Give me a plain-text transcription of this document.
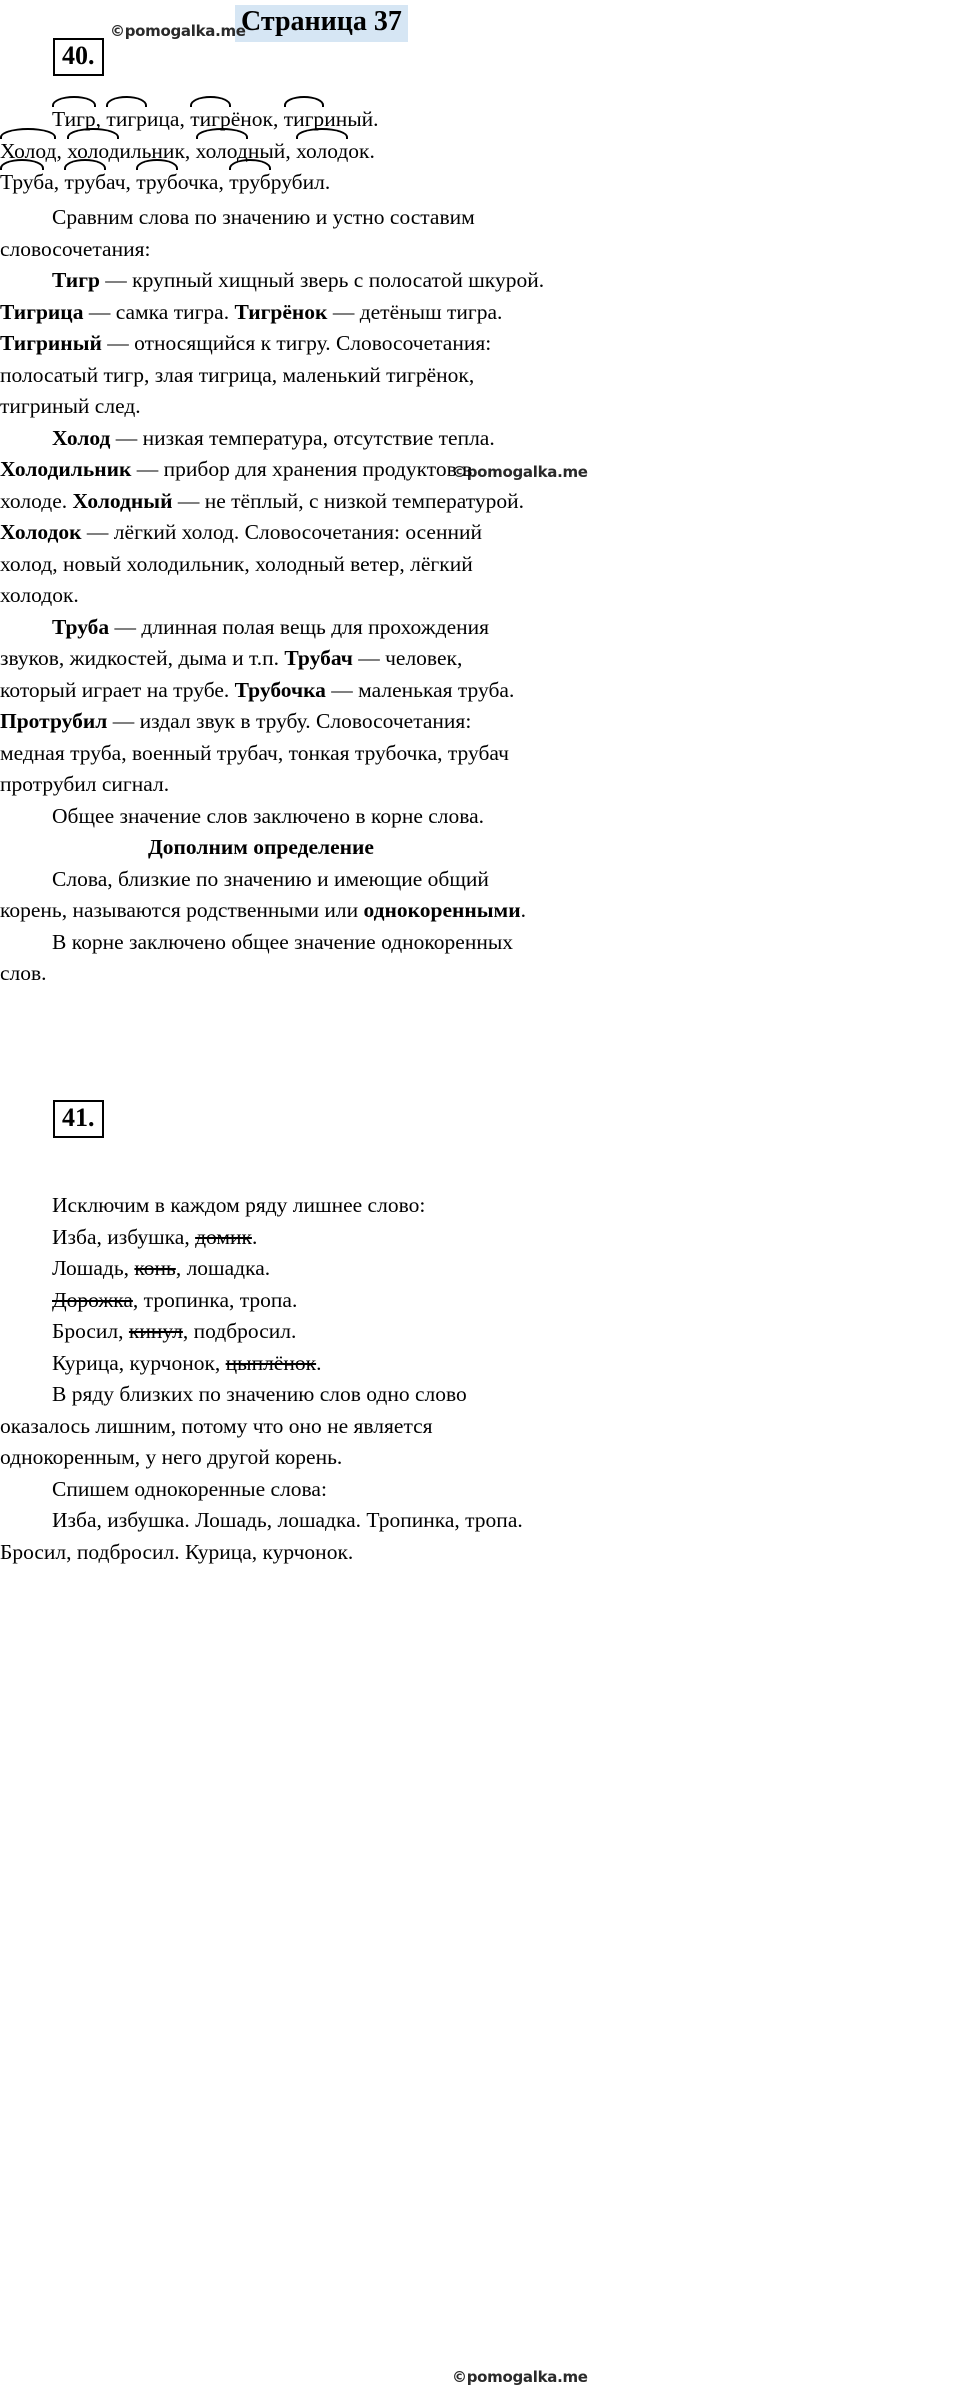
Страница 37
©pomogalka.me
©pomogalka.me
©pomogalka.me
40.
41.
Тигр, тигрица, тигрёнок, тигриный.
Холод, холодильник, холодный, холодок.
Труба, трубач, трубочка, трубрубил.
Сравним слова по значению и устно составим
словосочетания:
Тигр — крупный хищный зверь с полосатой шкурой.
Тигрица — самка тигра. Тигрёнок — детёныш тигра.
Тигриный — относящийся к тигру. Словосочетания:
полосатый тигр, злая тигрица, маленький тигрёнок,
тигриный след.
Холод — низкая температура, отсутствие тепла.
Холодильник — прибор для хранения продуктов в
холоде. Холодный — не тёплый, с низкой температурой.
Холодок — лёгкий холод. Словосочетания: осенний
холод, новый холодильник, холодный ветер, лёгкий
холодок.
Труба — длинная полая вещь для прохождения
звуков, жидкостей, дыма и т.п. Трубач — человек,
который играет на трубе. Трубочка — маленькая труба.
Протрубил — издал звук в трубу. Словосочетания:
медная труба, военный трубач, тонкая трубочка, трубач
протрубил сигнал.
Общее значение слов заключено в корне слова.
Дополним определение
Слова, близкие по значению и имеющие общий
корень, называются родственными или однокоренными.
В корне заключено общее значение однокоренных
слов.
Исключим в каждом ряду лишнее слово:
Изба, избушка, домик.
Лошадь, конь, лошадка.
Дорожка, тропинка, тропа.
Бросил, кинул, подбросил.
Курица, курчонок, цыплёнок.
В ряду близких по значению слов одно слово
оказалось лишним, потому что оно не является
однокоренным, у него другой корень.
Спишем однокоренные слова:
Изба, избушка. Лошадь, лошадка. Тропинка, тропа.
Бросил, подбросил. Курица, курчонок.
